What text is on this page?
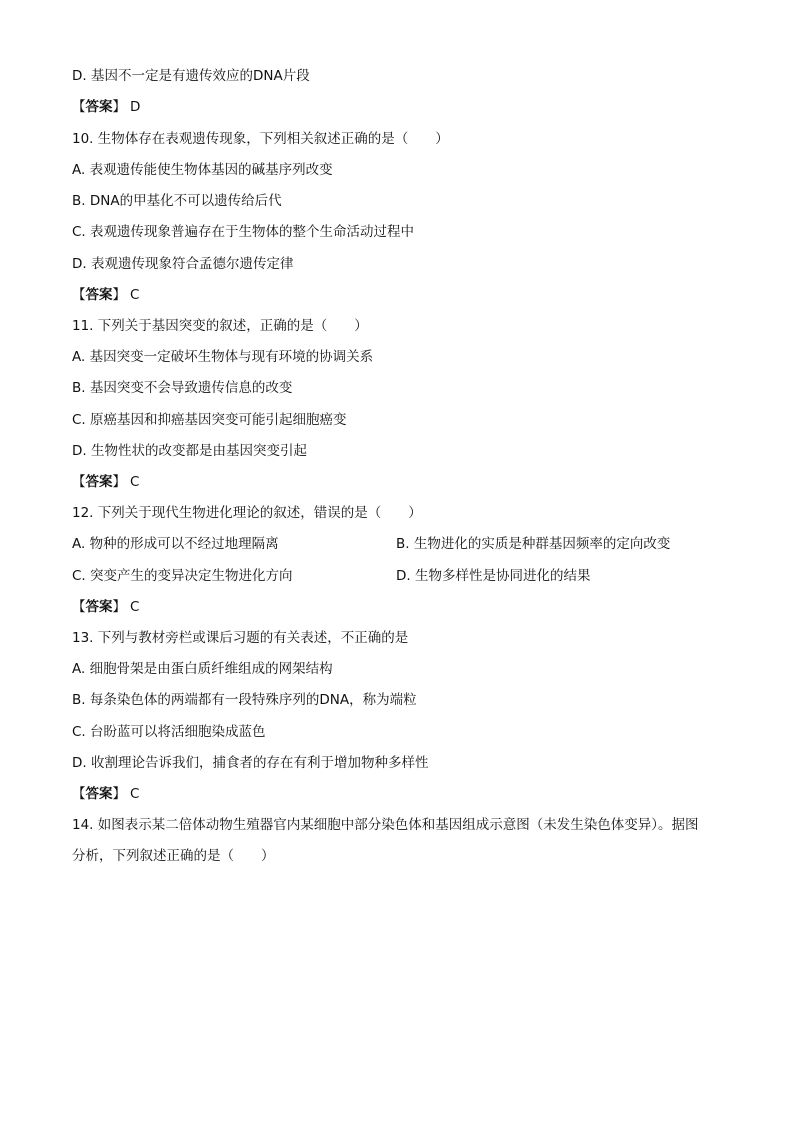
D. 基因不一定是有遗传效应的DNA片段
【答案】 D
10. 生物体存在表观遗传现象，下列相关叙述正确的是（　　）
A. 表观遗传能使生物体基因的碱基序列改变
B. DNA的甲基化不可以遗传给后代
C. 表观遗传现象普遍存在于生物体的整个生命活动过程中
D. 表观遗传现象符合孟德尔遗传定律
【答案】 C
11. 下列关于基因突变的叙述，正确的是（　　）
A. 基因突变一定破坏生物体与现有环境的协调关系
B. 基因突变不会导致遗传信息的改变
C. 原癌基因和抑癌基因突变可能引起细胞癌变
D. 生物性状的改变都是由基因突变引起
【答案】 C
12. 下列关于现代生物进化理论的叙述，错误的是（　　）
A. 物种的形成可以不经过地理隔离	B. 生物进化的实质是种群基因频率的定向改变
C. 突变产生的变异决定生物进化方向	D. 生物多样性是协同进化的结果
【答案】 C
13. 下列与教材旁栏或课后习题的有关表述，不正确的是
A. 细胞骨架是由蛋白质纤维组成的网架结构
B. 每条染色体的两端都有一段特殊序列的DNA，称为端粒
C. 台盼蓝可以将活细胞染成蓝色
D. 收割理论告诉我们，捕食者的存在有利于增加物种多样性
【答案】 C
14. 如图表示某二倍体动物生殖器官内某细胞中部分染色体和基因组成示意图（未发生染色体变异）。据图
分析，下列叙述正确的是（　　）
